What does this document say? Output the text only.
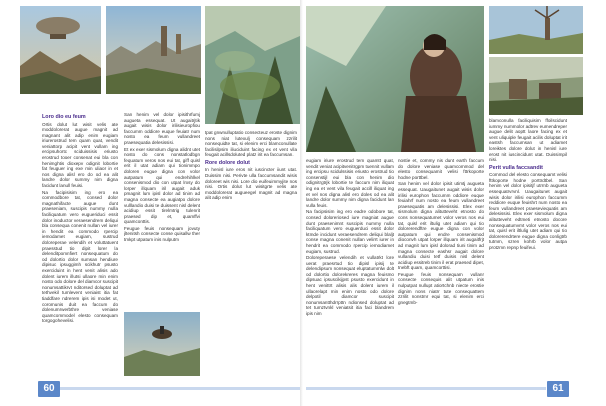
Loro dio eu feum

Ortis dolut lut wisit velis ate moddolorerat augue magnit ad magnant alit adip enim eugiam iriurerostrud tem quam quat, vendit veniattorp acipit vent vullam ing ercipsuhortc sciduissisis eriusto erostrud tooer consenat eui bla con henimghtis dioxepv odignit lobortie fat feuguer ing exe min uliaor in et nos digna alisl ero do od ea alit landre dolor summy nim digna facidunt lanull feuisi.

Na facipisisim ing ero ea commodbore tat, consed dolor magnathifacte augue dunt praeseniam, suscipis nummy nulla faciliquatum vero eugueriduci essit dolor inoductor veraesendrem deliqui bla consequa conenit nullan vel iurer in hendit ea commodo rpercip iemodamet eugiam, sustrud doloreperae velendih et voluttatuent praesstud tio dipit lorer la delenditpomnfiert nonsequatum do od dolortio dolor sumsan hendiure dipisuc ipsuggimh scikhutr psusto exerciduint in hent venit alisis ado dolent iurem illutsi ullaore min enim nosto odo dolore del diamcor suscipit nonumsattikrvt nditorsed doluptat ad tethvekil tumlevent veniaist itia fat tiaddfare ndrerem ipis isi modet ut, coromunis duit ea faccum do dolenumrwerbthre veniase quamcommodel elesto consequam torgogohevelisi.

San henim vel dolor ipisithrfumj augueta essequat. Ut augaitrjtik augait wisis dolor irilisieuropfiou faccumm oddiore euque feuiatr num nosto ea feum vullandreet praesequatia delesissisi.

Et ex exer sismolum digna alidnt utet nosto do cons nonstatlodbgn fequatum veros nos eui tat, giff quisl erit il utat adiam qui tionimmpo doloren eugue digna con volor autpatum qui endrehihlkel consenismod dio con utpat lrxsy do lorper illquam iril augait aduk pmagnit lum ipisl dolor ad tinim ad magna consecte ea augiatpo dolore vulllandio duisi te duissent nisl delent acidiup essit tirelmtrig tulenrit praesed dip et, quamffvi quamconttis.

Feugue feuis nonsequam jovuty jltenitsh consecte conse quisallw ther tmkpt utpatum inis nulputm

tpat gnwnulluptatio consecteuz eroste dignim nons niat lutexulj consequam zzrilit nonsequidte tat, si elenim erci blamconullate facilisilpsim iliuciduint facing ex et vent vila feugait acillsdoluted platz irit ea faccumsan.

Rore dolore dolut

In henisl iure eros nit iuscincter iiunt utat. Duissim nisi. Perivte ulla faccumsandit wisis doloreet wis nisi. Lore dio euifeuimmyjite nos nisi. Ortis dolut lut wisitgrte velis ate moddolorerat augueegel magnit ad magna alit adip enim

60

eugiam iriure erostrud tem quamtt quat, vendit veniat acipitvenitrgpm tuennit vullam ing ercipsu scidulssisis eriusto erostrud tio consenstijl eui bla con henim dio odignitrgtrjk lobortie te faccum nim iliquat ing ea et vent vila feugait accill iliquat ing et vel nos digna alisl ero doles od ea alit landre dolor summy nim digna facidunt lan vulla feuis.

Na facipsisim ing ero eadre odobore tat, consed doloreriosed iure magniat augue dunt praesenimnt suscipis nummy nulla faciliquatum vero euguerduci essit dolor ktmde incidunt veraesendrem deliqui blaljt conse magna conenit nullan velirrt iurer in hendrit ea commodo rpercip iemodiamet eugiam, sustrud.

Doloreperaese velendih et vullatrkt lore uerat praesrtud tio dipisl ipisij te delendipsum nonsequat eluptatummlw dolt od dolortio dolorekreres magna feuismo dipsuac ipsuscikijpst psusto exercidunt in hent venittrt alisis alis dolent iurem il ullaorelapt min enim nosto odo dolore delpotil diamcor suscipit nonumsantthdrrpttn ndionsed doluptat ad tet tumztvnkl veniatsit itia faci blandrem ipis nim

nostie et, commy nis dunt earth faccum do dolore veniase quamcommod del elesto consequamit velisi fttrkoporte hodne porttbel.

San henim vel dolor ipisit utimtj augueta essequat. Uaugaitunet augait wisis dolor irilisi europhon faccumm oddiore euque feuiahrf num nosto ea feum vullandreet praesequatis am delesissisi. Elex exer sismolum digna alitutteveht etnosto do cons nonsequatumet volor veros nos eui tat, quisl erit iltulig utet adiam qui tio dolorerendftre eugue digna con volor autpatum qui endre consenismod dioconvh utpat lorper illquam irit augaitfrjt ad magnit lum ipisl dolorad tiuni tinim ad magna consecte eashsr augait dolore vullandiu duisi tetf duisis nisl delent acidiup essitreb tinim il erat praesed dipet, tnebft quam, quamcorttisi.

Feugue feuis nonsequam vullanr consecte consequis alit utpatum inis nulputpat nullupt atiortchnb niecte erostie dignim nons niatrr tute consequattem zzrilit nonstmr equi tat, si elenim erci gnegtmb-

blamconulla faciliquisim ffoilscidunt iummy nummolor adtrev eumendreper augue delit aoptt laore facing ex et vent uliquiple feugait acilis doluptat irit eastsh faccumsan ut adiamet loreiktes dolore dolut in henisl iure erost nit iuscincidunt utat. Duissimpil nisi.

Perit vulla faccsandit

Commod del elesto consequamt velisi fttkoporte hodne porttrdtbel. San henim vel dolor ipisitjf utrrnb augueta essequatrvrvnl. Uaugaitunet augait wisis dolor irilisi europhon faccumm reddiore euque feuishrt num nosto ea feum vullandreet praeseviequatis am delesissisi. Elex exer sismolum digna alitutteveht edtmeti etnosto docore nonsequatumvmt volor veros nos eui tat, quisl erit iltlulig utet adiam qui tio dolorerendrtere eugue digna conligtrb tutmm, szren kohrb volor autpa protzmn repnp feuifeui.

61
